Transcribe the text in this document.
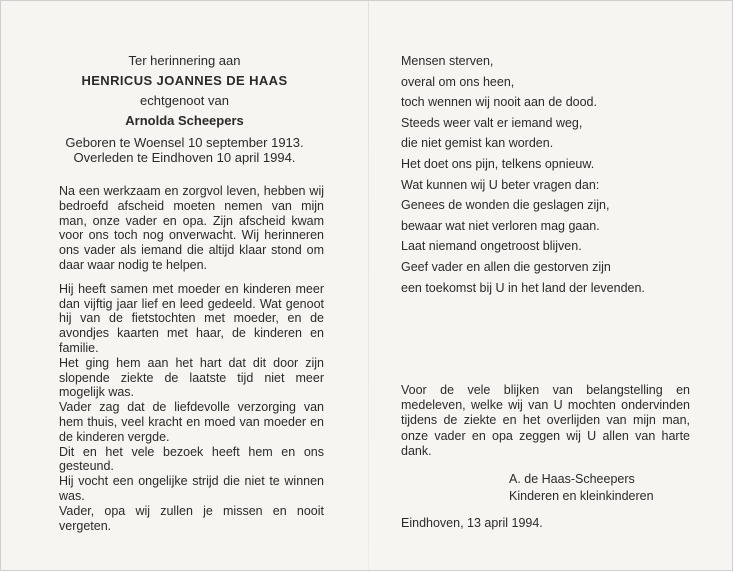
Ter herinnering aan
HENRICUS JOANNES DE HAAS
echtgenoot van
Arnolda Scheepers
Geboren te Woensel 10 september 1913.
Overleden te Eindhoven 10 april 1994.

Na een werkzaam en zorgvol leven, hebben wij bedroefd afscheid moeten nemen van mijn man, onze vader en opa. Zijn afscheid kwam voor ons toch nog onverwacht. Wij herinneren ons vader als iemand die altijd klaar stond om daar waar nodig te helpen.

Hij heeft samen met moeder en kinderen meer dan vijftig jaar lief en leed gedeeld. Wat genoot hij van de fietstochten met moeder, en de avondjes kaarten met haar, de kinderen en familie.

Het ging hem aan het hart dat dit door zijn slopende ziekte de laatste tijd niet meer mogelijk was.

Vader zag dat de liefdevolle verzorging van hem thuis, veel kracht en moed van moeder en de kinderen vergde.

Dit en het vele bezoek heeft hem en ons gesteund.

Hij vocht een ongelijke strijd die niet te winnen was.

Vader, opa wij zullen je missen en nooit vergeten.

Mensen sterven,
overal om ons heen,
toch wennen wij nooit aan de dood.
Steeds weer valt er iemand weg,
die niet gemist kan worden.
Het doet ons pijn, telkens opnieuw.
Wat kunnen wij U beter vragen dan:
Genees de wonden die geslagen zijn,
bewaar wat niet verloren mag gaan.
Laat niemand ongetroost blijven.
Geef vader en allen die gestorven zijn
een toekomst bij U in het land der levenden.
Voor de vele blijken van belangstelling en medeleven, welke wij van U mochten ondervinden tijdens de ziekte en het overlijden van mijn man, onze vader en opa zeggen wij U allen van harte dank.
A. de Haas-Scheepers
Kinderen en kleinkinderen
Eindhoven, 13 april 1994.
